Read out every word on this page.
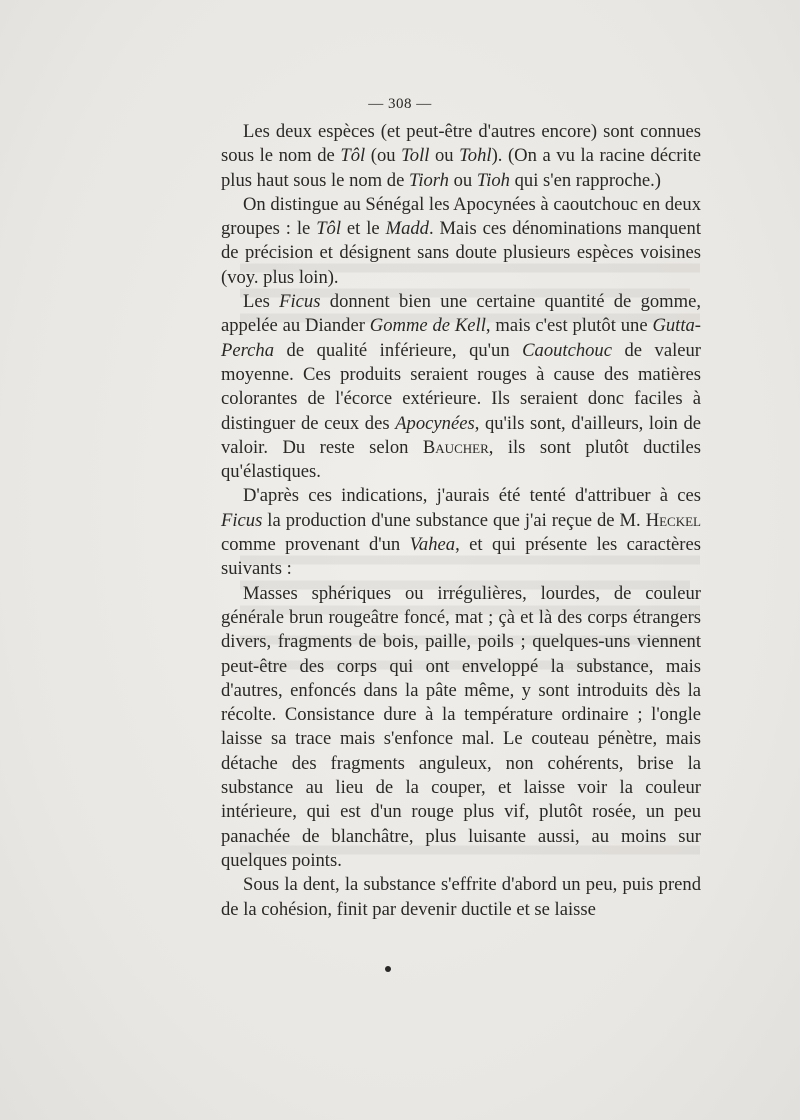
— 308 —

Les deux espèces (et peut-être d'autres encore) sont connues sous le nom de Tôl (ou Toll ou Tohl). (On a vu la racine décrite plus haut sous le nom de Tiorh ou Tioh qui s'en rapproche.)

On distingue au Sénégal les Apocynées à caoutchouc en deux groupes : le Tôl et le Madd. Mais ces dénominations manquent de précision et désignent sans doute plusieurs espèces voisines (voy. plus loin).

Les Ficus donnent bien une certaine quantité de gomme, appelée au Diander Gomme de Kell, mais c'est plutôt une Gutta-Percha de qualité inférieure, qu'un Caoutchouc de valeur moyenne. Ces produits seraient rouges à cause des matières colorantes de l'écorce extérieure. Ils seraient donc faciles à distinguer de ceux des Apocynées, qu'ils sont, d'ailleurs, loin de valoir. Du reste selon Baucher, ils sont plutôt ductiles qu'élastiques.

D'après ces indications, j'aurais été tenté d'attribuer à ces Ficus la production d'une substance que j'ai reçue de M. Heckel comme provenant d'un Vahea, et qui présente les caractères suivants :

Masses sphériques ou irrégulières, lourdes, de couleur générale brun rougeâtre foncé, mat ; çà et là des corps étrangers divers, fragments de bois, paille, poils ; quelques-uns viennent peut-être des corps qui ont enveloppé la substance, mais d'autres, enfoncés dans la pâte même, y sont introduits dès la récolte. Consistance dure à la température ordinaire ; l'ongle laisse sa trace mais s'enfonce mal. Le couteau pénètre, mais détache des fragments anguleux, non cohérents, brise la substance au lieu de la couper, et laisse voir la couleur intérieure, qui est d'un rouge plus vif, plutôt rosée, un peu panachée de blanchâtre, plus luisante aussi, au moins sur quelques points.

Sous la dent, la substance s'effrite d'abord un peu, puis prend de la cohésion, finit par devenir ductile et se laisse
